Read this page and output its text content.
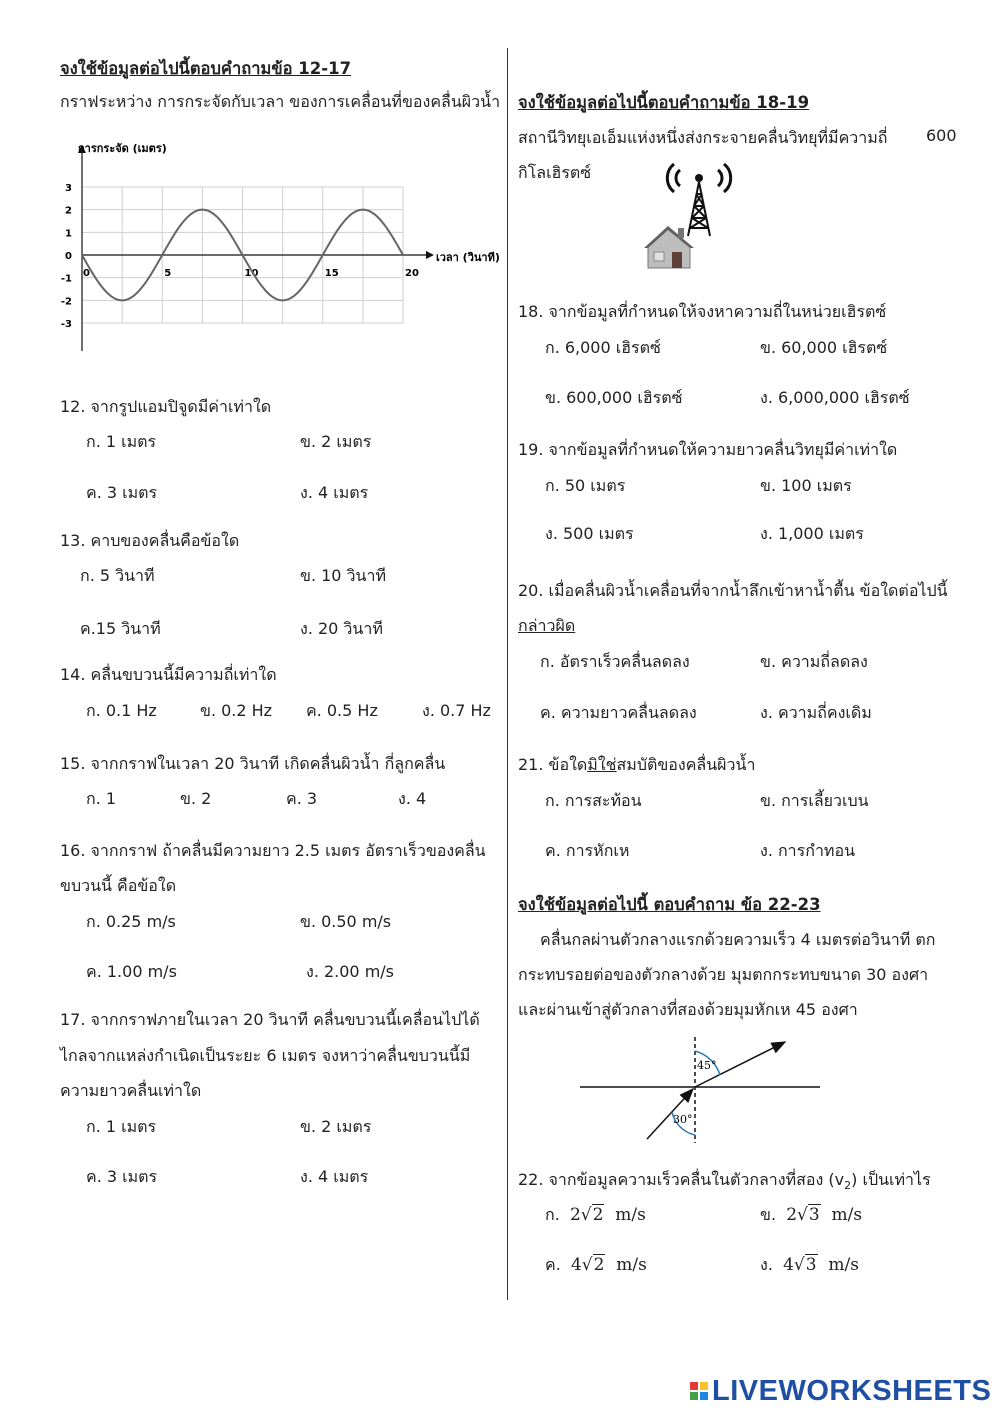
จงใช้ข้อมูลต่อไปนี้ตอบคำถามข้อ 12-17
กราฟระหว่าง การกระจัดกับเวลา ของการเคลื่อนที่ของคลื่นผิวน้ำ
3
2
1
0
-1
-2
-3
0	5	10	15	20
การกระจัด (เมตร)
เวลา (วินาที)
12. จากรูปแอมปิจูดมีค่าเท่าใด
ก. 1 เมตร	ข. 2 เมตร
ค. 3 เมตร	ง. 4 เมตร
13. คาบของคลื่นคือข้อใด
ก. 5 วินาที	ข. 10 วินาที
ค.15 วินาที	ง. 20 วินาที
14. คลื่นขบวนนี้มีความถี่เท่าใด
ก. 0.1 Hz	ข. 0.2 Hz ค. 0.5 Hz	ง. 0.7 Hz
15. จากกราฟในเวลา 20 วินาที เกิดคลื่นผิวน้ำ กี่ลูกคลื่น
ก. 1	ข. 2	ค. 3	ง. 4
16. จากกราฟ ถ้าคลื่นมีความยาว 2.5 เมตร อัตราเร็วของคลื่น
ขบวนนี้ คือข้อใด
ก. 0.25 m/s	ข. 0.50 m/s
ค. 1.00 m/s	ง. 2.00 m/s
17. จากกราฟภายในเวลา 20 วินาที คลื่นขบวนนี้เคลื่อนไปได้
ไกลจากแหล่งกำเนิดเป็นระยะ 6 เมตร จงหาว่าคลื่นขบวนนี้มี
ความยาวคลื่นเท่าใด
ก. 1 เมตร	ข. 2 เมตร
ค. 3 เมตร	ง. 4 เมตร
จงใช้ข้อมูลต่อไปนี้ตอบคำถามข้อ 18-19
สถานีวิทยุเอเอ็มแห่งหนึ่งส่งกระจายคลื่นวิทยุที่มีความถี่ 600
กิโลเฮิรตซ์
18. จากข้อมูลที่กำหนดให้จงหาความถี่ในหน่วยเฮิรตซ์
ก. 6,000 เฮิรตซ์	ข. 60,000 เฮิรตซ์
ข. 600,000 เฮิรตซ์	ง. 6,000,000 เฮิรตซ์
19. จากข้อมูลที่กำหนดให้ความยาวคลื่นวิทยุมีค่าเท่าใด
ก. 50 เมตร	ข. 100 เมตร
ง. 500 เมตร	ง. 1,000 เมตร
20. เมื่อคลื่นผิวน้ำเคลื่อนที่จากน้ำลึกเข้าหาน้ำตื้น ข้อใดต่อไปนี้
กล่าวผิด
ก. อัตราเร็วคลื่นลดลง	ข. ความถี่ลดลง
ค. ความยาวคลื่นลดลง	ง. ความถี่คงเดิม
21. ข้อใดมิใช่สมบัติของคลื่นผิวน้ำ
ก. การสะท้อน	ข. การเลี้ยวเบน
ค. การหักเห	ง. การกำทอน
จงใช้ข้อมูลต่อไปนี้ ตอบคำถาม ข้อ 22-23
คลื่นกลผ่านตัวกลางแรกด้วยความเร็ว 4 เมตรต่อวินาที ตก
กระทบรอยต่อของตัวกลางด้วย มุมตกกระทบขนาด 30 องศา
และผ่านเข้าสู่ตัวกลางที่สองด้วยมุมหักเห 45 องศา
45°
30°
22. จากข้อมูลความเร็วคลื่นในตัวกลางที่สอง $(v_2)$ เป็นเท่าไร
ก. 2√2 m/s	ข. 2√3 m/s
ค. 4√2 m/s	ง. 4√3 m/s
LIVEWORKSHEETS
